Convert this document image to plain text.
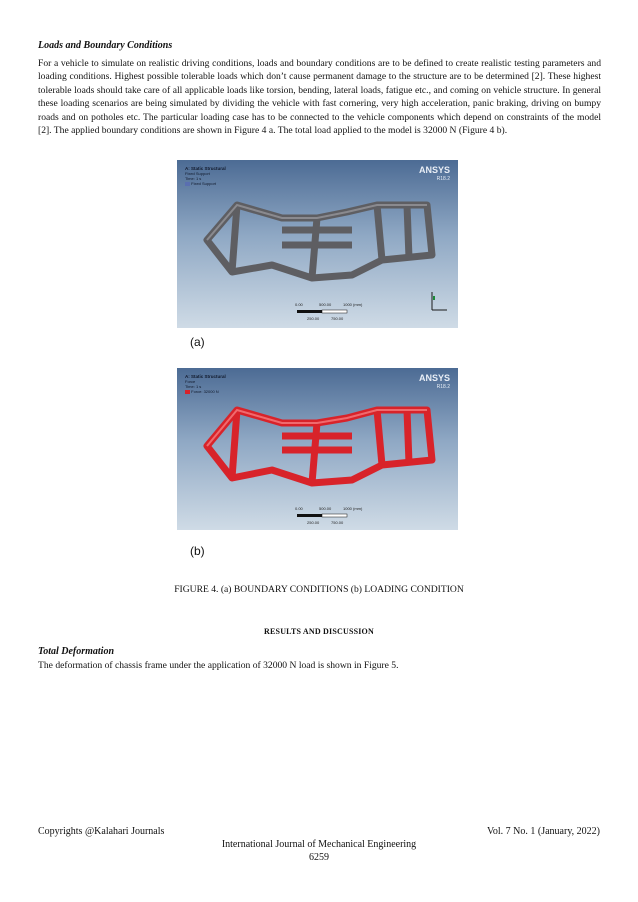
Loads and Boundary Conditions

For a vehicle to simulate on realistic driving conditions, loads and boundary conditions are to be defined to create realistic testing parameters and loading conditions. Highest possible tolerable loads which don’t cause permanent damage to the structure are to be determined [2]. These highest tolerable loads should take care of all applicable loads like torsion, bending, lateral loads, fatigue etc., and coming on vehicle structure. In general these loading scenarios are being simulated by dividing the vehicle with fast cornering, very high acceleration, panic braking, driving on bumpy roads and on potholes etc. The particular loading case has to be connected to the vehicle components which depend on constraints of the model [2]. The applied boundary conditions are shown in Figure 4 a. The total load applied to the model is 32000 N (Figure 4 b).

A: Static Structural
Fixed Support
Time: 1 s
Fixed Support
ANSYS
R18.2
0.00	500.00	1000 (mm)
250.00	750.00
(a)
A: Static Structural
Force
Time: 1 s
Force: 32000 N
ANSYS
R18.2
0.00	500.00	1000 (mm)
250.00	750.00
(b)
FIGURE 4. (a) BOUNDARY CONDITIONS (b) LOADING CONDITION
RESULTS AND DISCUSSION
Total Deformation

The deformation of chassis frame under the application of 32000 N load is shown in Figure 5.

Copyrights @Kalahari Journals	Vol. 7 No. 1 (January, 2022)
International Journal of Mechanical Engineering
6259
